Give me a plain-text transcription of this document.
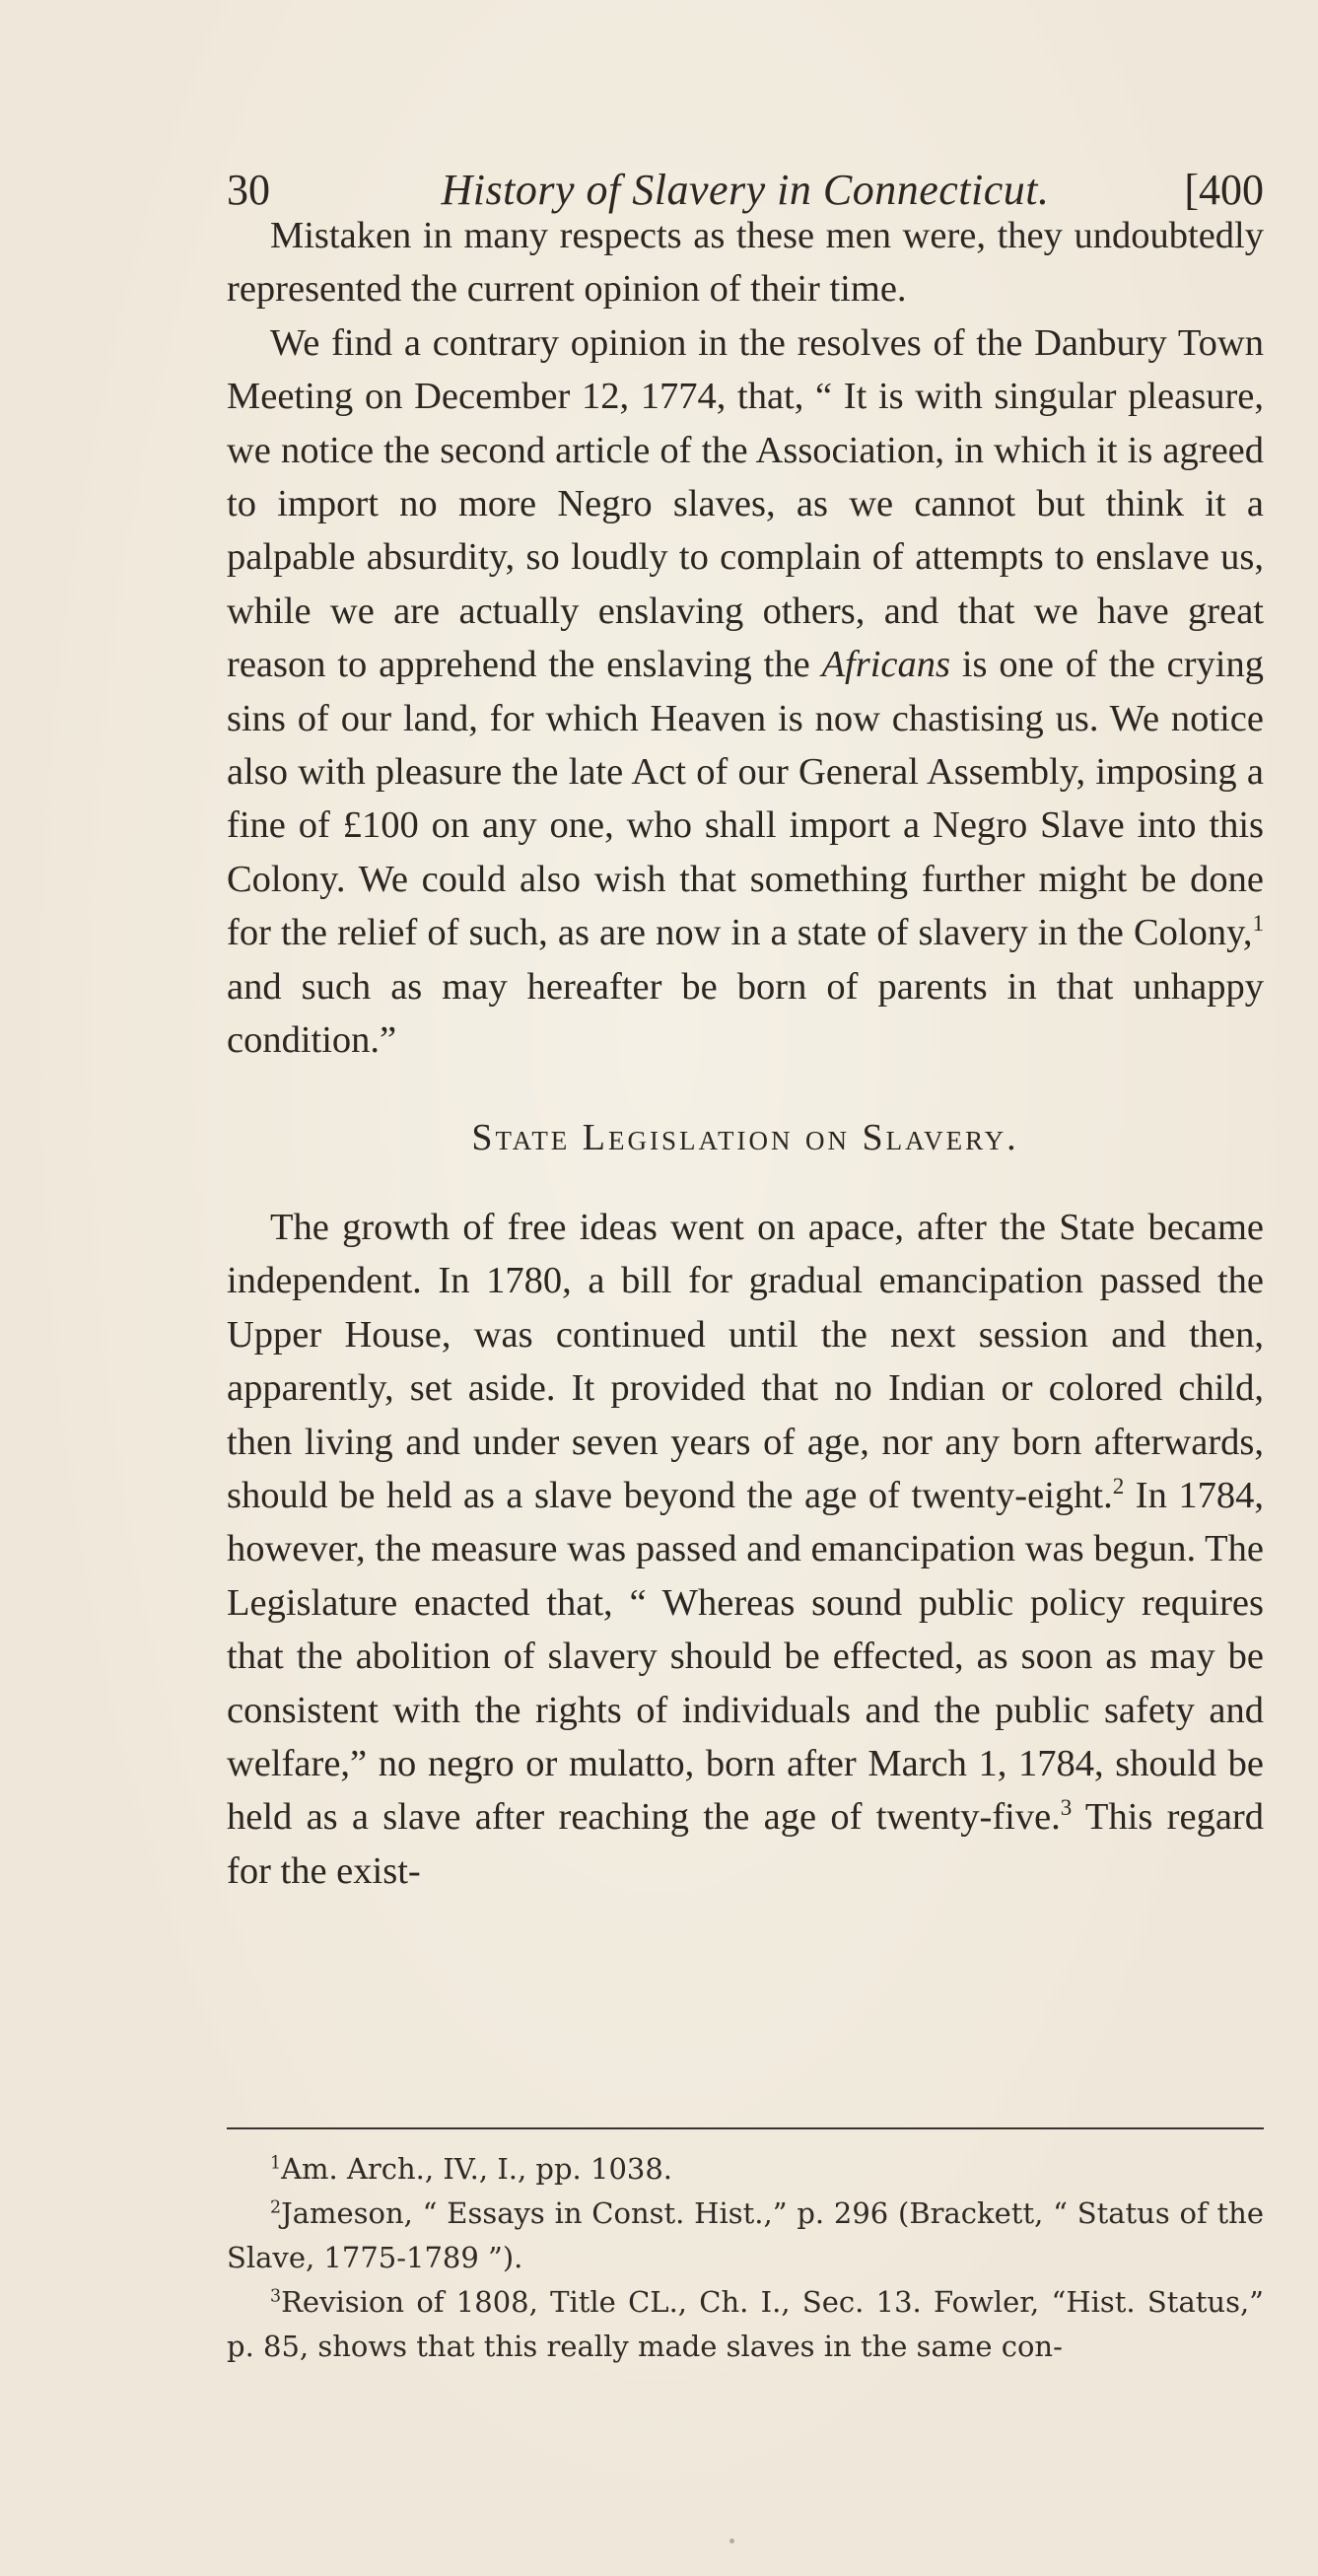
30	History of Slavery in Connecticut.	[400

Mistaken in many respects as these men were, they undoubtedly represented the current opinion of their time.

We find a contrary opinion in the resolves of the Danbury Town Meeting on December 12, 1774, that, “ It is with singular pleasure, we notice the second article of the Association, in which it is agreed to import no more Negro slaves, as we cannot but think it a palpable absurdity, so loudly to complain of attempts to enslave us, while we are actually enslaving others, and that we have great reason to apprehend the enslaving the Africans is one of the crying sins of our land, for which Heaven is now chastising us. We notice also with pleasure the late Act of our General Assembly, imposing a fine of £100 on any one, who shall import a Negro Slave into this Colony. We could also wish that something further might be done for the relief of such, as are now in a state of slavery in the Colony,$^1$ and such as may hereafter be born of parents in that unhappy condition.”

State Legislation on Slavery.

The growth of free ideas went on apace, after the State became independent. In 1780, a bill for gradual emancipation passed the Upper House, was continued until the next session and then, apparently, set aside. It provided that no Indian or colored child, then living and under seven years of age, nor any born afterwards, should be held as a slave beyond the age of twenty-eight.$^2$ In 1784, however, the measure was passed and emancipation was begun. The Legislature enacted that, “ Whereas sound public policy requires that the abolition of slavery should be effected, as soon as may be consistent with the rights of individuals and the public safety and welfare,” no negro or mulatto, born after March 1, 1784, should be held as a slave after reaching the age of twenty-five.$^3$ This regard for the exist-

$^1$Am. Arch., IV., I., pp. 1038.

$^2$Jameson, “ Essays in Const. Hist.,” p. 296 (Brackett, “ Status of the Slave, 1775-1789 ”).

$^3$Revision of 1808, Title CL., Ch. I., Sec. 13. Fowler, “Hist. Status,” p. 85, shows that this really made slaves in the same con-
